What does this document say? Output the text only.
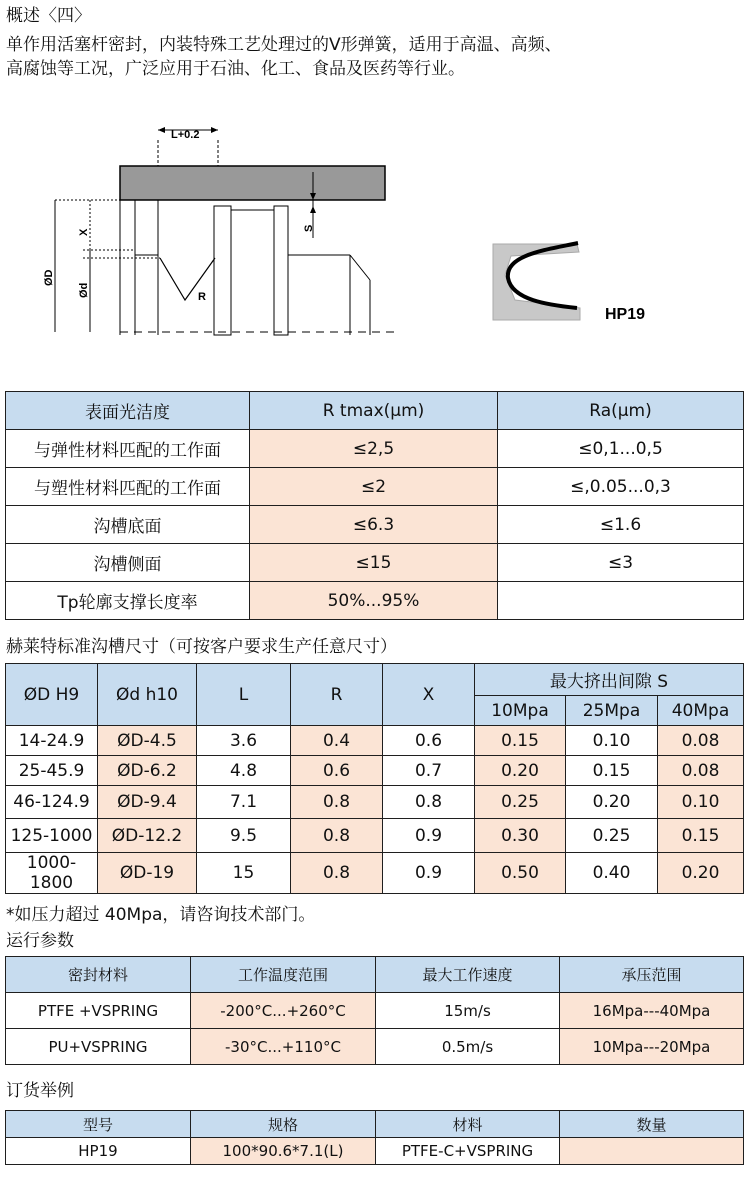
概述〈四〉
单作用活塞杆密封，内装特殊工艺处理过的V形弹簧，适用于高温、高频、
高腐蚀等工况，广泛应用于石油、化工、食品及医药等行业。
L+0.2
R
X
ØD
Ød
S
HP19
表面光洁度	R tmax(µm)	Ra(µm)
与弹性材料匹配的工作面	≤2,5	≤0,1...0,5
与塑性材料匹配的工作面	≤2	≤,0.05...0,3
沟槽底面	≤6.3	≤1.6
沟槽侧面	≤15	≤3
Tp轮廓支撑长度率	50%...95%	
赫莱特标准沟槽尺寸（可按客户要求生产任意尺寸）
ØD H9	Ød h10	L	R	X	最大挤出间隙 S		
					10Mpa	25Mpa	40Mpa
14-24.9	ØD-4.5	3.6	0.4	0.6	0.15	0.10	0.08
25-45.9	ØD-6.2	4.8	0.6	0.7	0.20	0.15	0.08
46-124.9	ØD-9.4	7.1	0.8	0.8	0.25	0.20	0.10
125-1000	ØD-12.2	9.5	0.8	0.9	0.30	0.25	0.15
1000-1800	ØD-19	15	0.8	0.9	0.50	0.40	0.20
*如压力超过 40Mpa，请咨询技术部门。
运行参数
密封材料	工作温度范围	最大工作速度	承压范围
PTFE +VSPRING	-200°C...+260°C	15m/s	16Mpa---40Mpa
PU+VSPRING	-30°C...+110°C	0.5m/s	10Mpa---20Mpa
订货举例
型号	规格	材料	数量
HP19	100*90.6*7.1(L)	PTFE-C+VSPRING	
